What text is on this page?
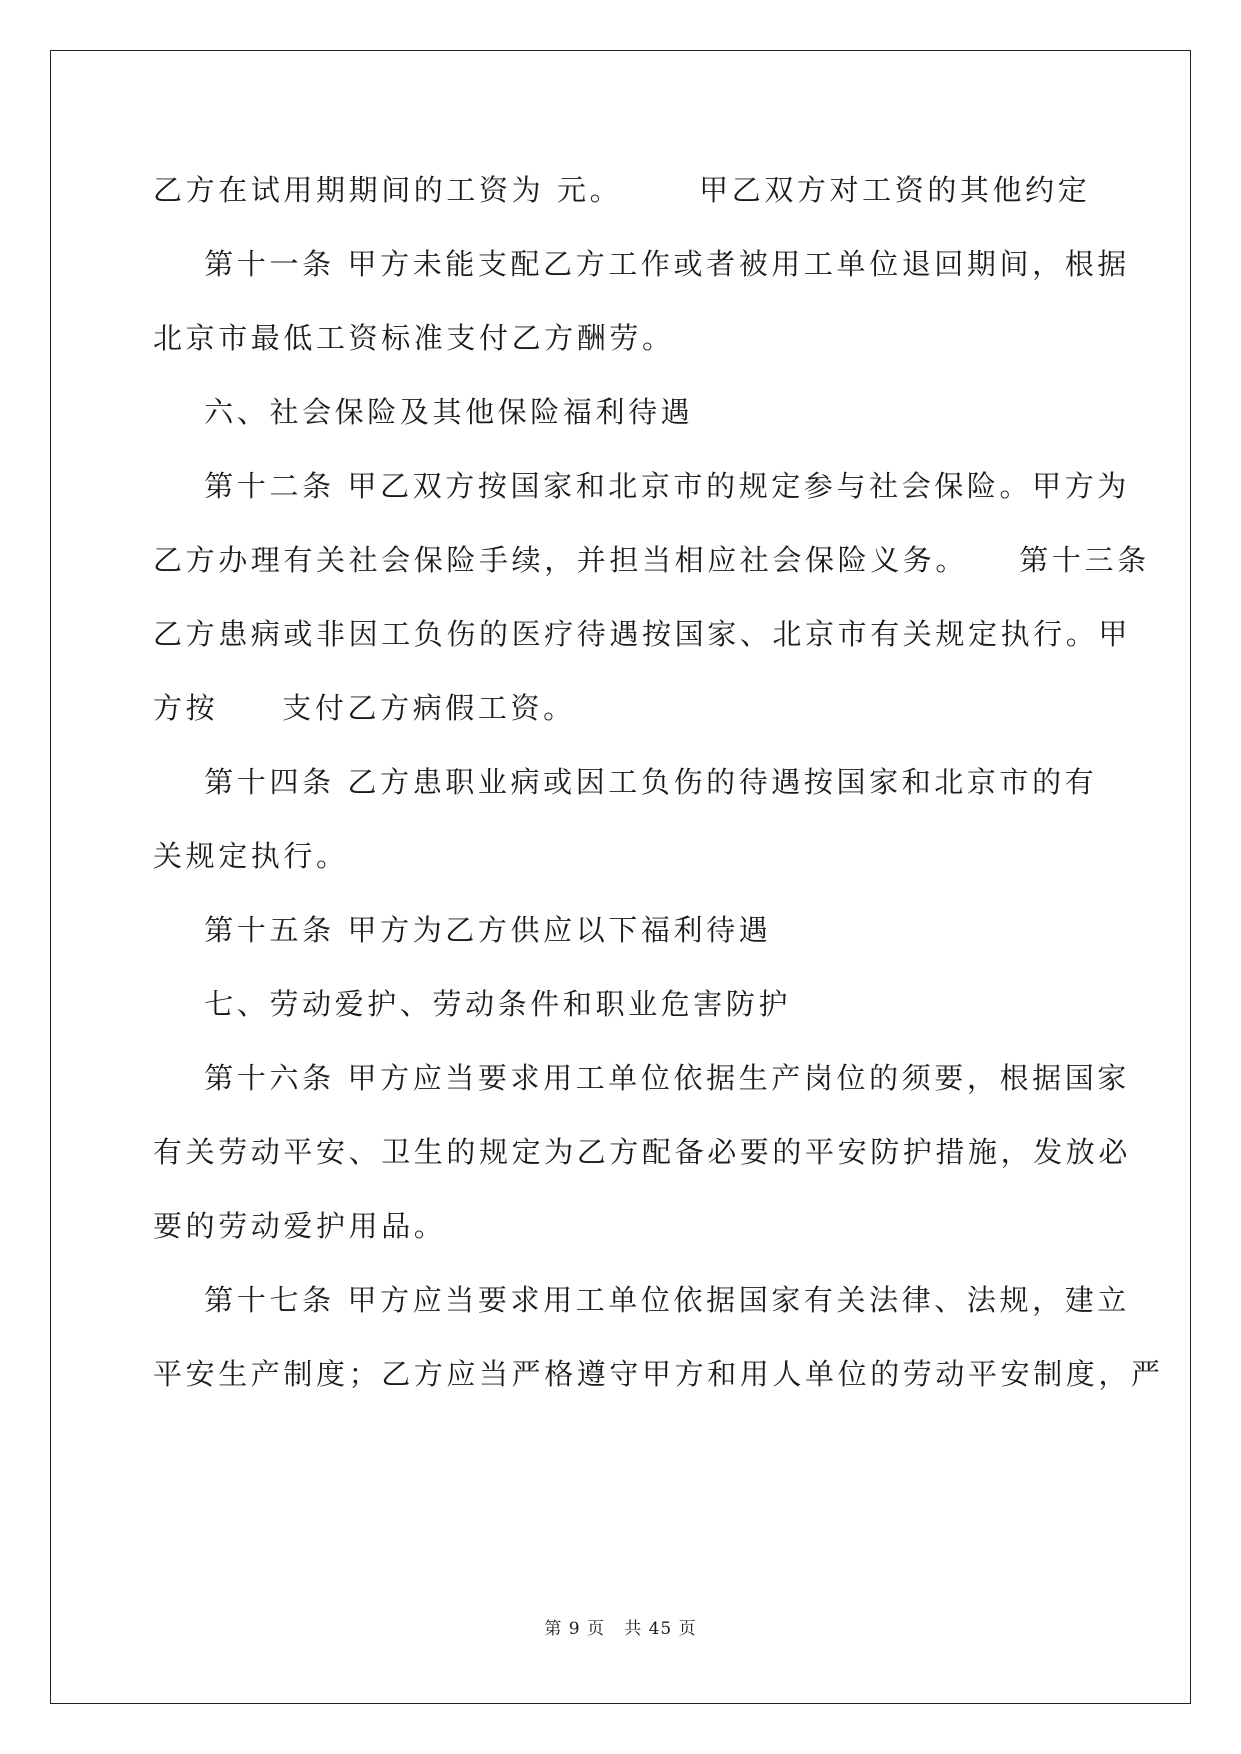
乙方在试用期期间的工资为 元。      甲乙双方对工资的其他约定
第十一条 甲方未能支配乙方工作或者被用工单位退回期间，根据
北京市最低工资标准支付乙方酬劳。
六、社会保险及其他保险福利待遇
第十二条 甲乙双方按国家和北京市的规定参与社会保险。甲方为
乙方办理有关社会保险手续，并担当相应社会保险义务。    第十三条
乙方患病或非因工负伤的医疗待遇按国家、北京市有关规定执行。甲
方按     支付乙方病假工资。
第十四条 乙方患职业病或因工负伤的待遇按国家和北京市的有
关规定执行。
第十五条 甲方为乙方供应以下福利待遇
七、劳动爱护、劳动条件和职业危害防护
第十六条 甲方应当要求用工单位依据生产岗位的须要，根据国家
有关劳动平安、卫生的规定为乙方配备必要的平安防护措施，发放必
要的劳动爱护用品。
第十七条 甲方应当要求用工单位依据国家有关法律、法规，建立
平安生产制度；乙方应当严格遵守甲方和用人单位的劳动平安制度，严
第 9 页   共 45 页
